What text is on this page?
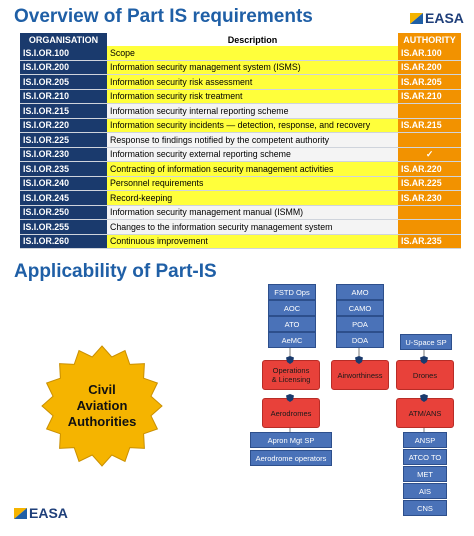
Overview of Part IS requirements	EASA
ORGANISATION	Description	AUTHORITY
IS.I.OR.100	Scope	IS.AR.100
IS.I.OR.200	Information security management system (ISMS)	IS.AR.200
IS.I.OR.205	Information security risk assessment	IS.AR.205
IS.I.OR.210	Information security risk treatment	IS.AR.210
IS.I.OR.215	Information security internal reporting scheme	
IS.I.OR.220	Information security incidents — detection, response, and recovery	IS.AR.215
IS.I.OR.225	Response to findings notified by the competent authority	
IS.I.OR.230	Information security external reporting scheme	✓
IS.I.OR.235	Contracting of information security management activities	IS.AR.220
IS.I.OR.240	Personnel requirements	IS.AR.225
IS.I.OR.245	Record-keeping	IS.AR.230
IS.I.OR.250	Information security management manual (ISMM)	
IS.I.OR.255	Changes to the information security management system	
IS.I.OR.260	Continuous improvement	IS.AR.235
Applicability of Part-IS
Civil
Aviation
Authorities
FSTD Ops
AOC
ATO
AeMC
AMO
CAMO
POA
DOA	U-Space SP
Operations
& Licensing	Airworthiness	Drones
Aerodromes	ATM/ANS
Apron Mgt SP
Aerodrome operators
ANSP
ATCO TO
MET
AIS
CNS
EASA
